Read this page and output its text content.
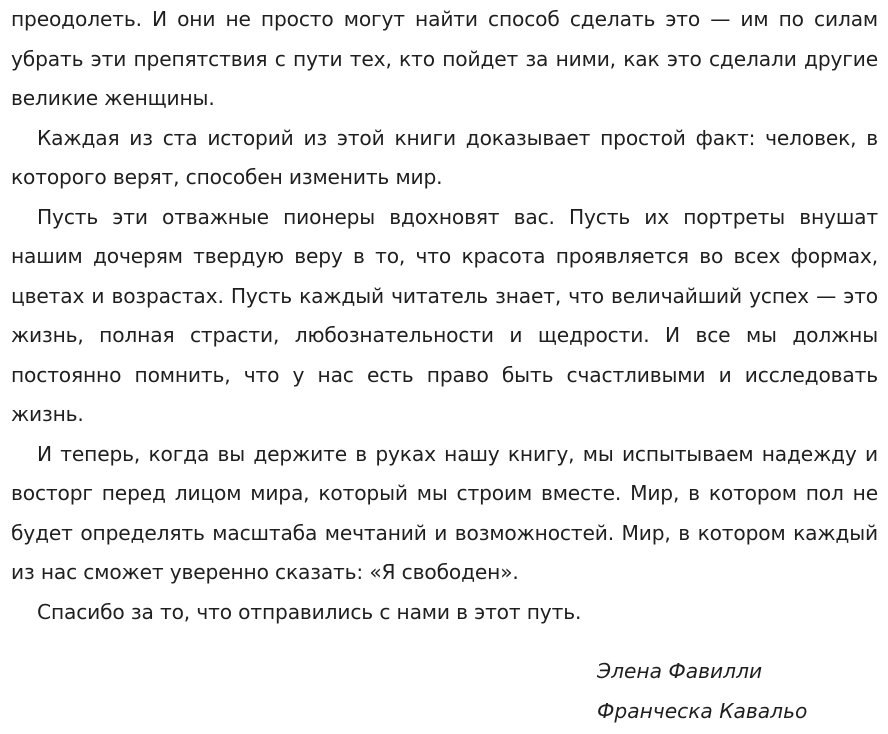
преодолеть. И они не просто могут найти способ сделать это — им по силам убрать эти препятствия с пути тех, кто пойдет за ними, как это сделали другие великие женщины.

Каждая из ста историй из этой книги доказывает простой факт: человек, в которого верят, способен изменить мир.

Пусть эти отважные пионеры вдохновят вас. Пусть их портреты внушат нашим дочерям твердую веру в то, что красота проявляется во всех формах, цветах и возрастах. Пусть каждый читатель знает, что величайший успех — это жизнь, полная страсти, любознательности и щедрости. И все мы должны постоянно помнить, что у нас есть право быть счастливыми и исследовать жизнь.

И теперь, когда вы держите в руках нашу книгу, мы испытываем надежду и восторг перед лицом мира, который мы строим вместе. Мир, в котором пол не будет определять масштаба мечтаний и возможностей. Мир, в котором каждый из нас сможет уверенно сказать: «Я свободен».

Спасибо за то, что отправились с нами в этот путь.

Элена Фавилли
Франческа Кавальо
